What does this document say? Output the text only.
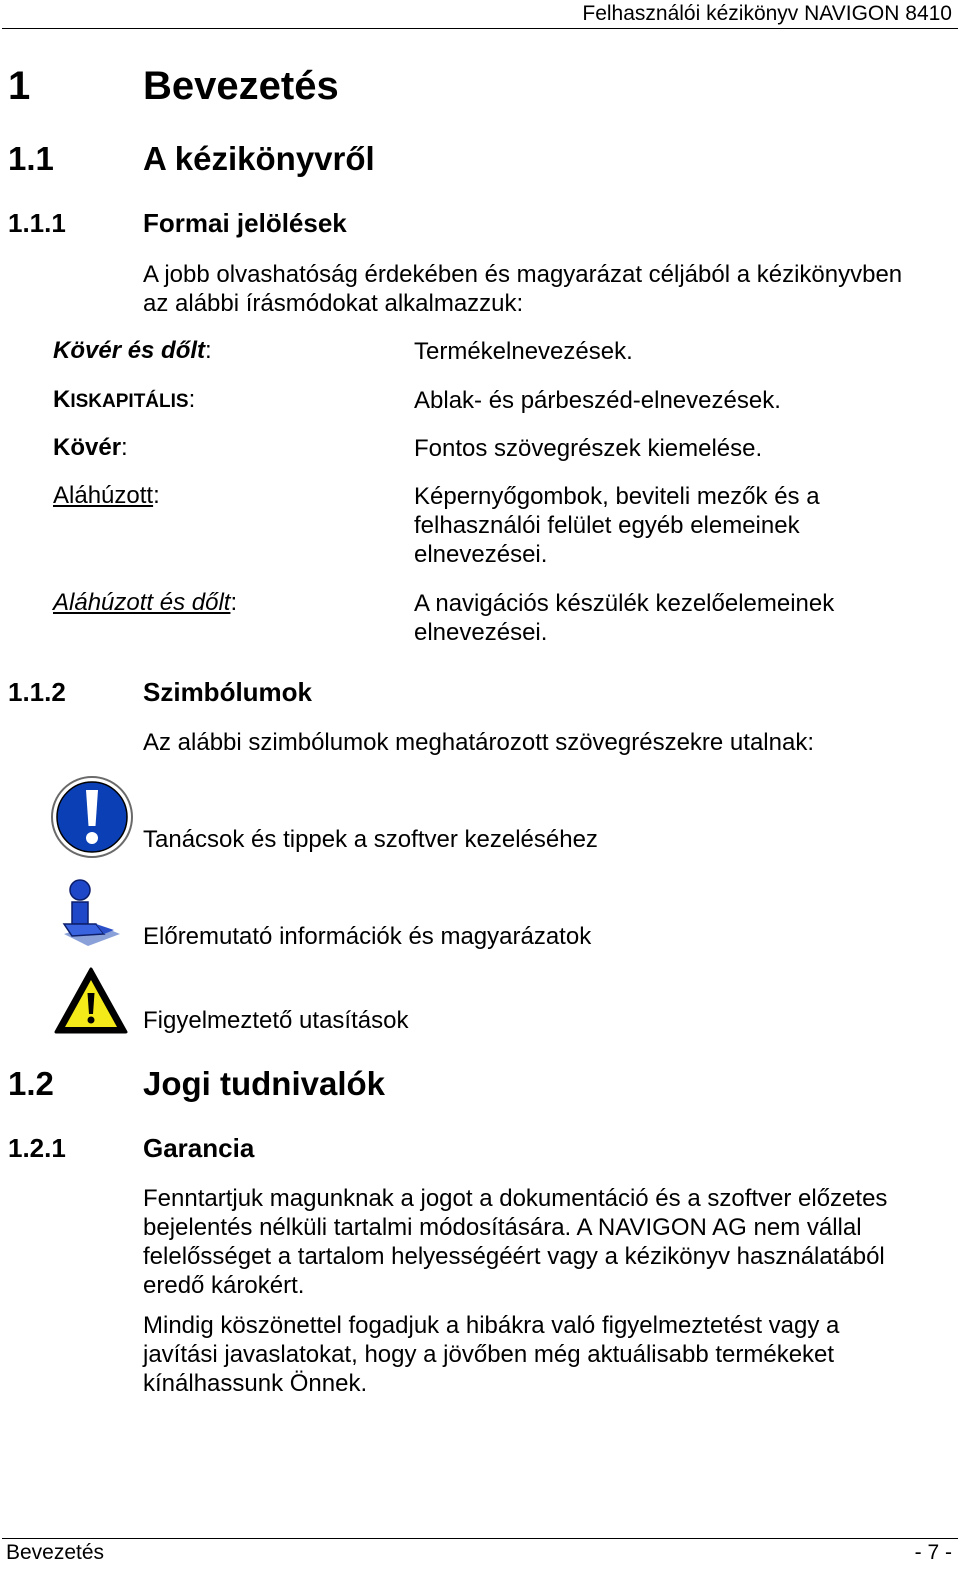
Felhasználói kézikönyv NAVIGON 8410
1	Bevezetés
1.1	A kézikönyvről
1.1.1	Formai jelölések
A jobb olvashatóság érdekében és magyarázat céljából a kézikönyvben
az alábbi írásmódokat alkalmazzuk:
Kövér és dőlt:	Termékelnevezések.
KISKAPITÁLIS:	Ablak- és párbeszéd-elnevezések.
Kövér:	Fontos szövegrészek kiemelése.
Aláhúzott:	Képernyőgombok, beviteli mezők és a felhasználói felület egyéb elemeinek elnevezései.
Aláhúzott és dőlt:	A navigációs készülék kezelőelemeinek elnevezései.
1.1.2	Szimbólumok
Az alábbi szimbólumok meghatározott szövegrészekre utalnak:
Tanácsok és tippek a szoftver kezeléséhez
Előremutató információk és magyarázatok
Figyelmeztető utasítások
1.2	Jogi tudnivalók
1.2.1	Garancia
Fenntartjuk magunknak a jogot a dokumentáció és a szoftver előzetes bejelentés nélküli tartalmi módosítására. A NAVIGON AG nem vállal felelősséget a tartalom helyességéért vagy a kézikönyv használatából eredő károkért.
Mindig köszönettel fogadjuk a hibákra való figyelmeztetést vagy a javítási javaslatokat, hogy a jövőben még aktuálisabb termékeket kínálhassunk Önnek.
Bevezetés	- 7 -
